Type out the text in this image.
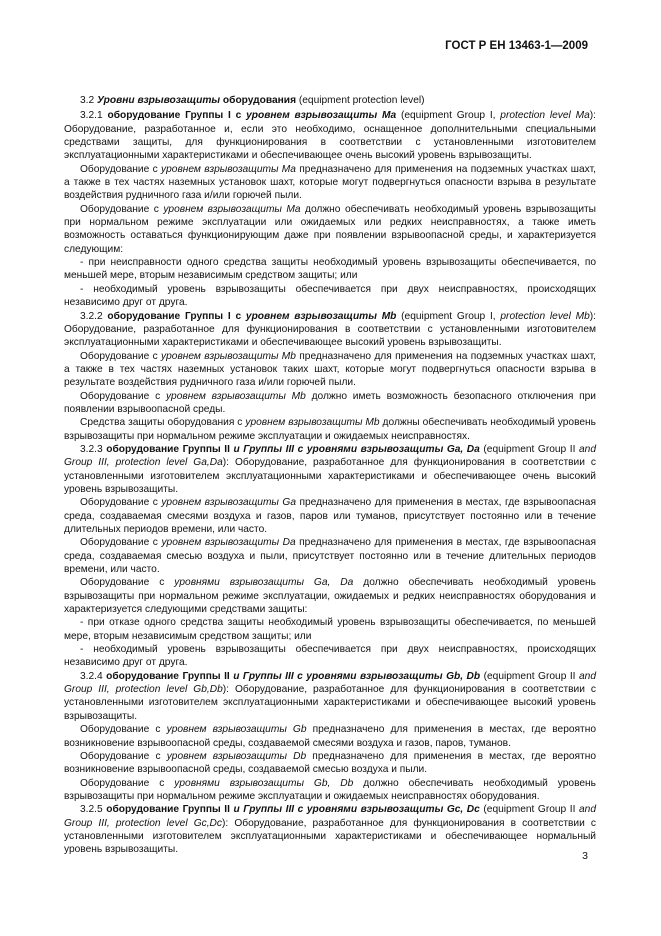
ГОСТ Р ЕН 13463-1—2009

3.2 Уровни взрывозащиты оборудования (equipment protection level)

3.2.1 оборудование Группы I с уровнем взрывозащиты Ma (equipment Group I, protection level Ma): Оборудование, разработанное и, если это необходимо, оснащенное дополнительными специальными средствами защиты, для функционирования в соответствии с установленными изготовителем эксплуатационными характеристиками и обеспечивающее очень высокий уровень взрывозащиты.

Оборудование с уровнем взрывозащиты Ma предназначено для применения на подземных участках шахт, а также в тех частях наземных установок шахт, которые могут подвергнуться опасности взрыва в результате воздействия рудничного газа и/или горючей пыли.

Оборудование с уровнем взрывозащиты Ma должно обеспечивать необходимый уровень взрывозащиты при нормальном режиме эксплуатации или ожидаемых или редких неисправностях, а также иметь возможность оставаться функционирующим даже при появлении взрывоопасной среды, и характеризуется следующим:

- при неисправности одного средства защиты необходимый уровень взрывозащиты обеспечивается, по меньшей мере, вторым независимым средством защиты; или

- необходимый уровень взрывозащиты обеспечивается при двух неисправностях, происходящих независимо друг от друга.

3.2.2 оборудование Группы I с уровнем взрывозащиты Mb (equipment Group I, protection level Mb): Оборудование, разработанное для функционирования в соответствии с установленными изготовителем эксплуатационными характеристиками и обеспечивающее высокий уровень взрывозащиты.

Оборудование с уровнем взрывозащиты Mb предназначено для применения на подземных участках шахт, а также в тех частях наземных установок таких шахт, которые могут подвергнуться опасности взрыва в результате воздействия рудничного газа и/или горючей пыли.

Оборудование с уровнем взрывозащиты Mb должно иметь возможность безопасного отключения при появлении взрывоопасной среды.

Средства защиты оборудования с уровнем взрывозащиты Mb должны обеспечивать необходимый уровень взрывозащиты при нормальном режиме эксплуатации и ожидаемых неисправностях.

3.2.3 оборудование Группы II и Группы III с уровнями взрывозащиты Ga, Da (equipment Group II and Group III, protection level Ga,Da): Оборудование, разработанное для функционирования в соответствии с установленными изготовителем эксплуатационными характеристиками и обеспечивающее очень высокий уровень взрывозащиты.

Оборудование с уровнем взрывозащиты Ga предназначено для применения в местах, где взрывоопасная среда, создаваемая смесями воздуха и газов, паров или туманов, присутствует постоянно или в течение длительных периодов времени, или часто.

Оборудование с уровнем взрывозащиты Da предназначено для применения в местах, где взрывоопасная среда, создаваемая смесью воздуха и пыли, присутствует постоянно или в течение длительных периодов времени, или часто.

Оборудование с уровнями взрывозащиты Ga, Da должно обеспечивать необходимый уровень взрывозащиты при нормальном режиме эксплуатации, ожидаемых и редких неисправностях оборудования и характеризуется следующими средствами защиты:

- при отказе одного средства защиты необходимый уровень взрывозащиты обеспечивается, по меньшей мере, вторым независимым средством защиты; или

- необходимый уровень взрывозащиты обеспечивается при двух неисправностях, происходящих независимо друг от друга.

3.2.4 оборудование Группы II и Группы III с уровнями взрывозащиты Gb, Db (equipment Group II and Group III, protection level Gb,Db): Оборудование, разработанное для функционирования в соответствии с установленными изготовителем эксплуатационными характеристиками и обеспечивающее высокий уровень взрывозащиты.

Оборудование с уровнем взрывозащиты Gb предназначено для применения в местах, где вероятно возникновение взрывоопасной среды, создаваемой смесями воздуха и газов, паров, туманов.

Оборудование с уровнем взрывозащиты Db предназначено для применения в местах, где вероятно возникновение взрывоопасной среды, создаваемой смесью воздуха и пыли.

Оборудование с уровнями взрывозащиты Gb, Db должно обеспечивать необходимый уровень взрывозащиты при нормальном режиме эксплуатации и ожидаемых неисправностях оборудования.

3.2.5 оборудование Группы II и Группы III с уровнями взрывозащиты Gc, Dc (equipment Group II and Group III, protection level Gc,Dc): Оборудование, разработанное для функционирования в соответствии с установленными изготовителем эксплуатационными характеристиками и обеспечивающее нормальный уровень взрывозащиты.

3
